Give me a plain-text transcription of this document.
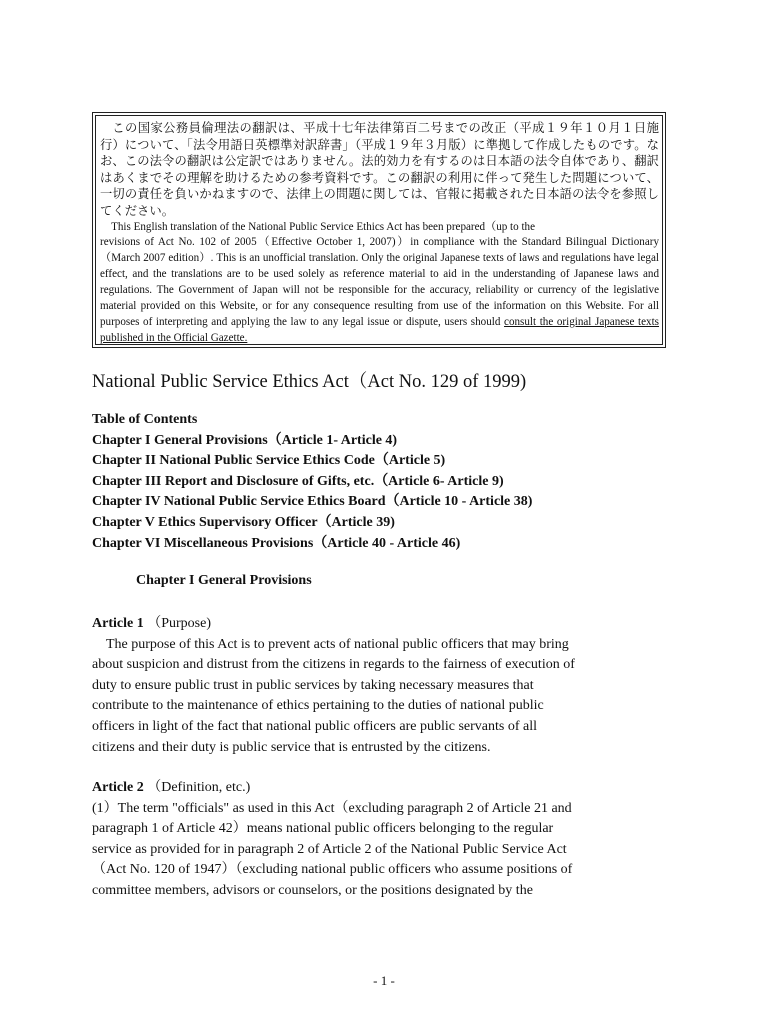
この国家公務員倫理法の翻訳は、平成十七年法律第百二号までの改正（平成１９年１０月１日施行）について、「法令用語日英標準対訳辞書」（平成１９年３月版）に準拠して作成したものです。なお、この法令の翻訳は公定訳ではありません。法的効力を有するのは日本語の法令自体であり、翻訳はあくまでその理解を助けるための参考資料です。この翻訳の利用に伴って発生した問題について、一切の責任を負いかねますので、法律上の問題に関しては、官報に掲載された日本語の法令を参照してください。

This English translation of the National Public Service Ethics Act has been prepared（up to the
revisions of Act No. 102 of 2005（Effective October 1, 2007)）in compliance with the Standard Bilingual Dictionary（March 2007 edition）. This is an unofficial translation. Only the original Japanese texts of laws and regulations have legal effect, and the translations are to be used solely as reference material to aid in the understanding of Japanese laws and regulations. The Government of Japan will not be responsible for the accuracy, reliability or currency of the legislative material provided on this Website, or for any consequence resulting from use of the information on this Website. For all purposes of interpreting and applying the law to any legal issue or dispute, users should consult the original Japanese texts published in the Official Gazette.

National Public Service Ethics Act（Act No. 129 of 1999)
Table of Contents
Chapter I General Provisions（Article 1- Article 4)
Chapter II National Public Service Ethics Code（Article 5)
Chapter III Report and Disclosure of Gifts, etc.（Article 6- Article 9)
Chapter IV National Public Service Ethics Board（Article 10 - Article 38)
Chapter V Ethics Supervisory Officer（Article 39)
Chapter VI Miscellaneous Provisions（Article 40 - Article 46)
Chapter I General Provisions
Article 1 （Purpose)

The purpose of this Act is to prevent acts of national public officers that may bring
about suspicion and distrust from the citizens in regards to the fairness of execution of
duty to ensure public trust in public services by taking necessary measures that
contribute to the maintenance of ethics pertaining to the duties of national public
officers in light of the fact that national public officers are public servants of all
citizens and their duty is public service that is entrusted by the citizens.

Article 2 （Definition, etc.)
(1）The term "officials" as used in this Act（excluding paragraph 2 of Article 21 and
paragraph 1 of Article 42）means national public officers belonging to the regular
service as provided for in paragraph 2 of Article 2 of the National Public Service Act
（Act No. 120 of 1947）（excluding national public officers who assume positions of
committee members, advisors or counselors, or the positions designated by the
- 1 -
